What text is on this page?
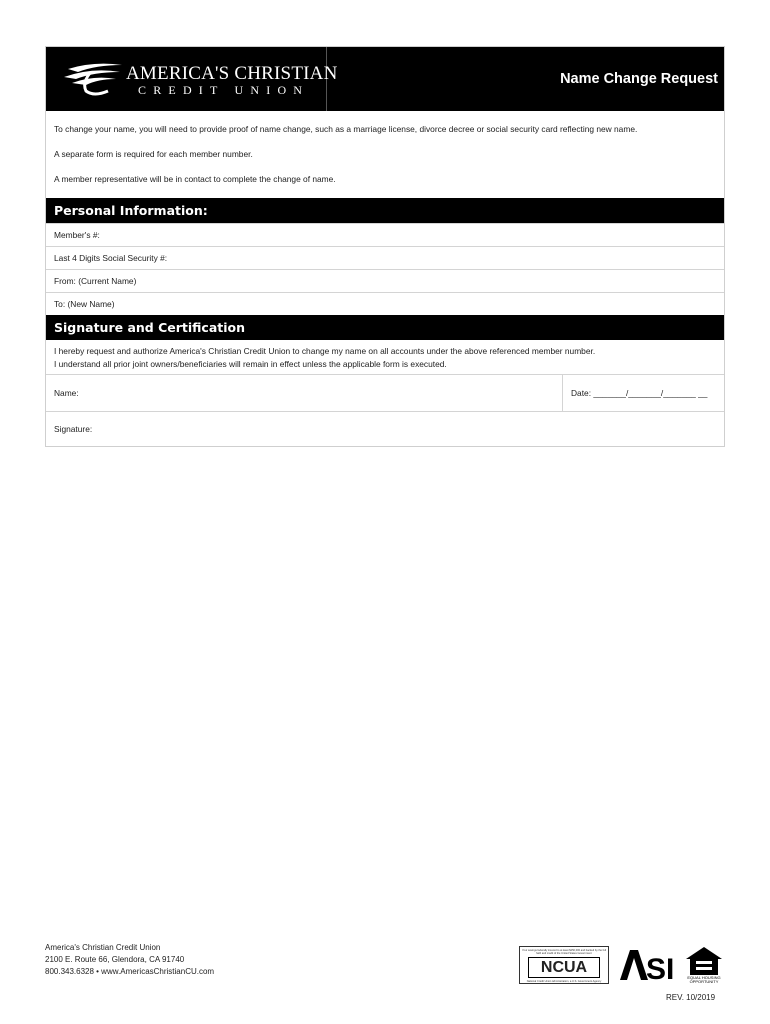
AMERICA'S CHRISTIAN
CREDIT UNION
Name Change Request

To change your name, you will need to provide proof of name change, such as a marriage license, divorce decree or social security card reflecting new name.

A separate form is required for each member number.

A member representative will be in contact to complete the change of name.

Personal Information:
Member's #:
Last 4 Digits Social Security #:
From: (Current Name)
To: (New Name)
Signature and Certification
I hereby request and authorize America's Christian Credit Union to change my name on all accounts under the above referenced member number.
I understand all prior joint owners/beneficiaries will remain in effect unless the applicable form is executed.
Name:	Date: _______/_______/_______ __
Signature:
America's Christian Credit Union
2100 E. Route 66, Glendora, CA 91740
800.343.6328 • www.AmericasChristianCU.com
Your savings federally insured to at least $250,000 and backed by the full faith and credit of the United States Government
NCUA
National Credit Union Administration, a U.S. Government Agency SI	EQUAL HOUSING OPPORTUNITY
REV. 10/2019
